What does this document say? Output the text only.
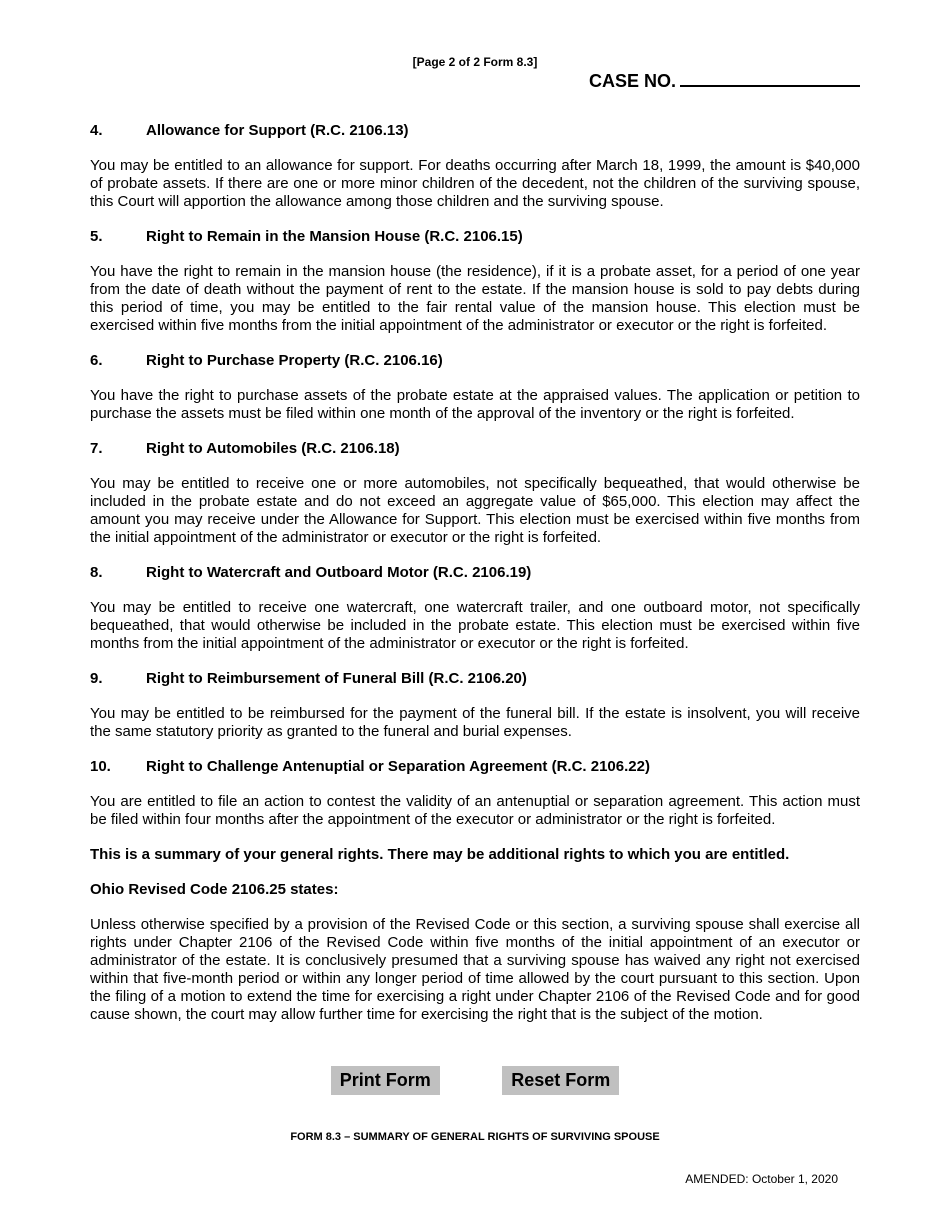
[Page 2 of 2 Form 8.3]
CASE NO.
4.	Allowance for Support (R.C. 2106.13)

You may be entitled to an allowance for support. For deaths occurring after March 18, 1999, the amount is $40,000 of probate assets. If there are one or more minor children of the decedent, not the children of the surviving spouse, this Court will apportion the allowance among those children and the surviving spouse.

5.	Right to Remain in the Mansion House (R.C. 2106.15)

You have the right to remain in the mansion house (the residence), if it is a probate asset, for a period of one year from the date of death without the payment of rent to the estate. If the mansion house is sold to pay debts during this period of time, you may be entitled to the fair rental value of the mansion house. This election must be exercised within five months from the initial appointment of the administrator or executor or the right is forfeited.

6.	Right to Purchase Property (R.C. 2106.16)

You have the right to purchase assets of the probate estate at the appraised values. The application or petition to purchase the assets must be filed within one month of the approval of the inventory or the right is forfeited.

7.	Right to Automobiles (R.C. 2106.18)

You may be entitled to receive one or more automobiles, not specifically bequeathed, that would otherwise be included in the probate estate and do not exceed an aggregate value of $65,000. This election may affect the amount you may receive under the Allowance for Support. This election must be exercised within five months from the initial appointment of the administrator or executor or the right is forfeited.

8.	Right to Watercraft and Outboard Motor (R.C. 2106.19)

You may be entitled to receive one watercraft, one watercraft trailer, and one outboard motor, not specifically bequeathed, that would otherwise be included in the probate estate. This election must be exercised within five months from the initial appointment of the administrator or executor or the right is forfeited.

9.	Right to Reimbursement of Funeral Bill (R.C. 2106.20)

You may be entitled to be reimbursed for the payment of the funeral bill. If the estate is insolvent, you will receive the same statutory priority as granted to the funeral and burial expenses.

10. Right to Challenge Antenuptial or Separation Agreement (R.C. 2106.22)

You are entitled to file an action to contest the validity of an antenuptial or separation agreement. This action must be filed within four months after the appointment of the executor or administrator or the right is forfeited.

This is a summary of your general rights. There may be additional rights to which you are entitled.

Ohio Revised Code 2106.25 states:

Unless otherwise specified by a provision of the Revised Code or this section, a surviving spouse shall exercise all rights under Chapter 2106 of the Revised Code within five months of the initial appointment of an executor or administrator of the estate. It is conclusively presumed that a surviving spouse has waived any right not exercised within that five-month period or within any longer period of time allowed by the court pursuant to this section. Upon the filing of a motion to extend the time for exercising a right under Chapter 2106 of the Revised Code and for good cause shown, the court may allow further time for exercising the right that is the subject of the motion.

Print Form	Reset Form
FORM 8.3 – SUMMARY OF GENERAL RIGHTS OF SURVIVING SPOUSE
AMENDED: October 1, 2020
